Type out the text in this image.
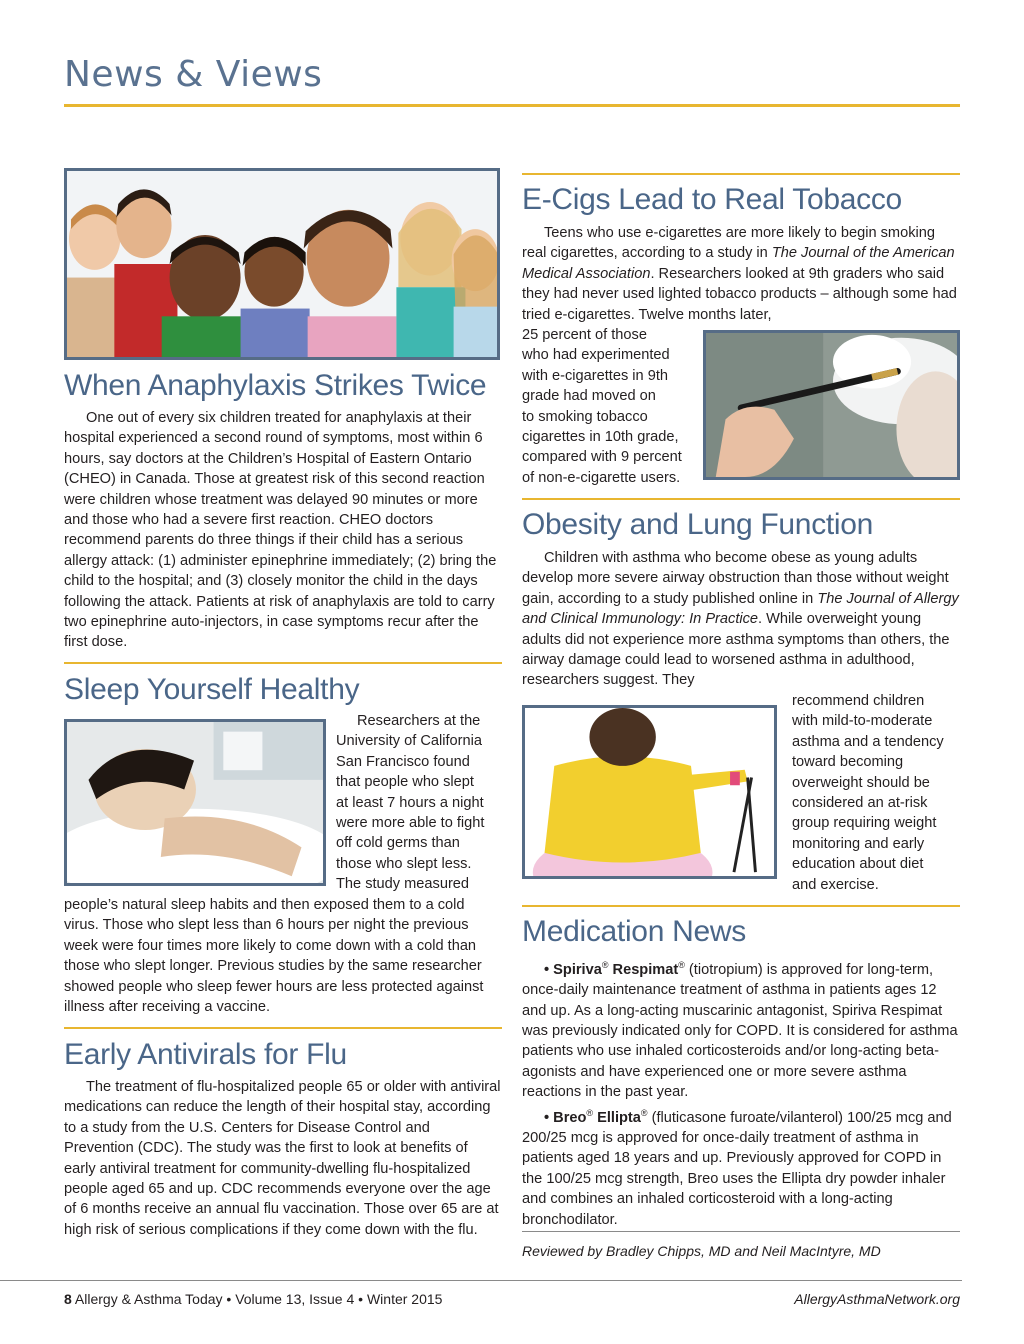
News & Views
When Anaphylaxis Strikes Twice

One out of every six children treated for anaphylaxis at their hospital experienced a second round of symptoms, most within 6 hours, say doctors at the Children’s Hospital of Eastern Ontario (CHEO) in Canada. Those at greatest risk of this second reaction were children whose treatment was delayed 90 minutes or more and those who had a severe first reaction. CHEO doctors recommend parents do three things if their child has a serious allergy attack: (1) administer epinephrine immediately; (2) bring the child to the hospital; and (3) closely monitor the child in the days following the attack. Patients at risk of anaphylaxis are told to carry two epinephrine auto-injectors, in case symptoms recur after the first dose.

Sleep Yourself Healthy
Researchers at the
University of California
San Francisco found
that people who slept
at least 7 hours a night
were more able to fight
off cold germs than
those who slept less.
The study measured

people’s natural sleep habits and then exposed them to a cold virus. Those who slept less than 6 hours per night the previous week were four times more likely to come down with a cold than those who slept longer. Previous studies by the same researcher showed people who sleep fewer hours are less protected against illness after receiving a vaccine.

Early Antivirals for Flu

The treatment of flu-hospitalized people 65 or older with antiviral medications can reduce the length of their hospital stay, according to a study from the U.S. Centers for Disease Control and Prevention (CDC). The study was the first to look at benefits of early antiviral treatment for community-dwelling flu-hospitalized people aged 65 and up. CDC recommends everyone over the age of 6 months receive an annual flu vaccination. Those over 65 are at high risk of serious complications if they come down with the flu.

E-Cigs Lead to Real Tobacco

Teens who use e-cigarettes are more likely to begin smoking real cigarettes, according to a study in The Journal of the American Medical Association. Researchers looked at 9th graders who said they had never used lighted tobacco products – although some had tried e-cigarettes. Twelve months later,

25 percent of those
who had experimented
with e-cigarettes in 9th
grade had moved on
to smoking tobacco
cigarettes in 10th grade,
compared with 9 percent
of non-e-cigarette users.
Obesity and Lung Function

Children with asthma who become obese as young adults develop more severe airway obstruction than those without weight gain, according to a study published online in The Journal of Allergy and Clinical Immunology: In Practice. While overweight young adults did not experience more asthma symptoms than others, the airway damage could lead to worsened asthma in adulthood, researchers suggest. They

recommend children
with mild-to-moderate
asthma and a tendency
toward becoming
overweight should be
considered an at-risk
group requiring weight
monitoring and early
education about diet
and exercise.
Medication News

• Spiriva® Respimat® (tiotropium) is approved for long-term, once-daily maintenance treatment of asthma in patients ages 12 and up. As a long-acting muscarinic antagonist, Spiriva Respimat was previously indicated only for COPD. It is considered for asthma patients who use inhaled corticosteroids and/or long-acting beta-agonists and have experienced one or more severe asthma reactions in the past year.

• Breo® Ellipta® (fluticasone furoate/vilanterol) 100/25 mcg and 200/25 mcg is approved for once-daily treatment of asthma in patients aged 18 years and up. Previously approved for COPD in the 100/25 mcg strength, Breo uses the Ellipta dry powder inhaler and combines an inhaled corticosteroid with a long-acting bronchodilator.

Reviewed by Bradley Chipps, MD and Neil MacIntyre, MD
8 Allergy & Asthma Today • Volume 13, Issue 4 • Winter 2015	AllergyAsthmaNetwork.org
